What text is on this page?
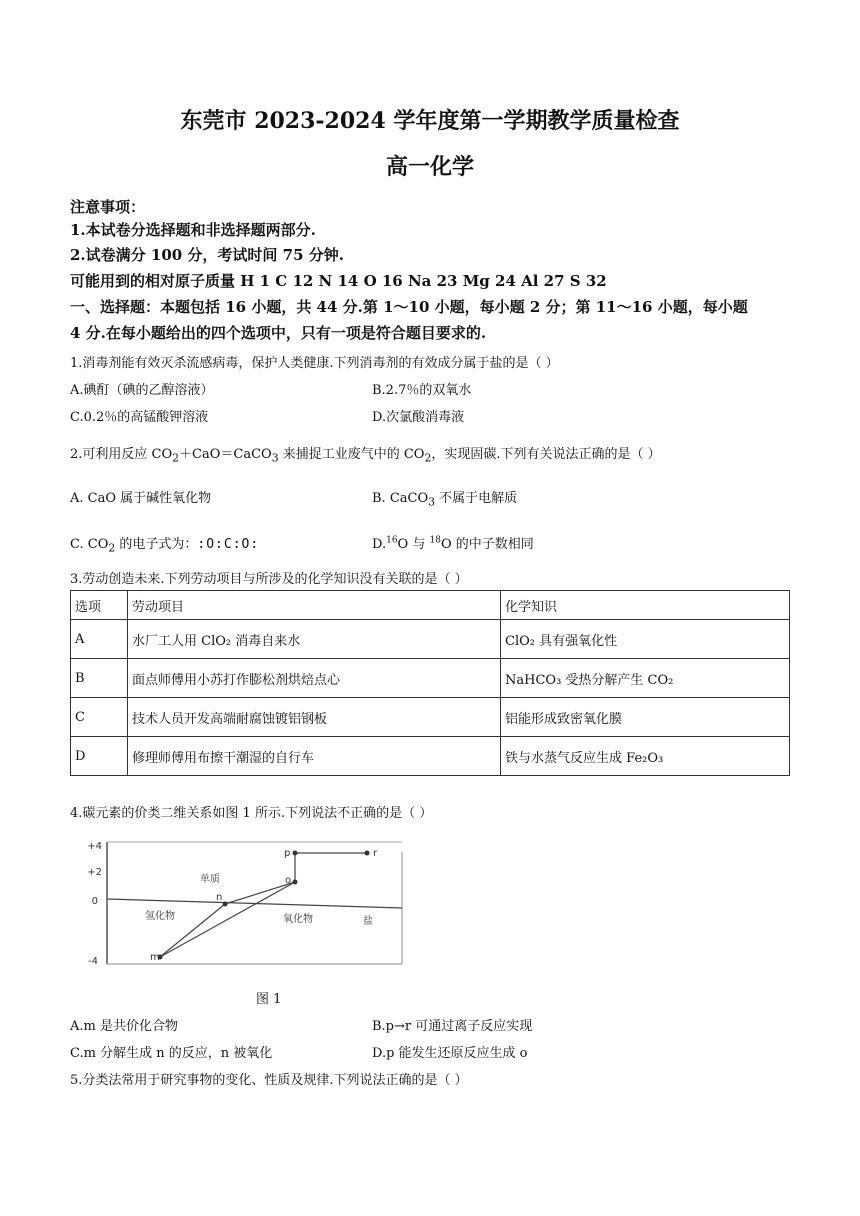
东莞市 2023-2024 学年度第一学期教学质量检查
高一化学
注意事项：
1.本试卷分选择题和非选择题两部分.
2.试卷满分 100 分，考试时间 75 分钟.
可能用到的相对原子质量 H 1 C 12 N 14 O 16 Na 23 Mg 24 Al 27 S 32
一、选择题：本题包括 16 小题，共 44 分.第 1～10 小题，每小题 2 分；第 11～16 小题，每小题
4 分.在每小题给出的四个选项中，只有一项是符合题目要求的.
1.消毒剂能有效灭杀流感病毒，保护人类健康.下列消毒剂的有效成分属于盐的是（ ）
A.碘酊（碘的乙醇溶液）	B.2.7％的双氧水
C.0.2％的高锰酸钾溶液	D.次氯酸消毒液
2.可利用反应 $CO_2+CaO=CaCO_3$ 来捕捉工业废气中的 $CO_2$，实现固碳.下列有关说法正确的是（ ）
A. CaO 属于碱性氧化物	B. CaCO$_3$ 不属于电解质
C. $CO_2$ 的电子式为：:O:C:O:	D.$^{16}$O 与 $^{18}$O 的中子数相同
3.劳动创造未来.下列劳动项目与所涉及的化学知识没有关联的是（ ）
选项	劳动项目	化学知识
A	水厂工人用 ClO₂ 消毒自来水	ClO₂ 具有强氧化性
B	面点师傅用小苏打作膨松剂烘焙点心	NaHCO₃ 受热分解产生 CO₂
C	技术人员开发高端耐腐蚀镀铝钢板	铝能形成致密氧化膜
D	修理师傅用布擦干潮湿的自行车	铁与水蒸气反应生成 Fe₂O₃
4.碳元素的价类二维关系如图 1 所示.下列说法不正确的是（ ）
+4
+2
0
-4
氢化物
单质
氧化物	盐
m
n
o
p	r
图 1
A.m 是共价化合物	B.p→r 可通过离子反应实现
C.m 分解生成 n 的反应，n 被氧化	D.p 能发生还原反应生成 o
5.分类法常用于研究事物的变化、性质及规律.下列说法正确的是（ ）
